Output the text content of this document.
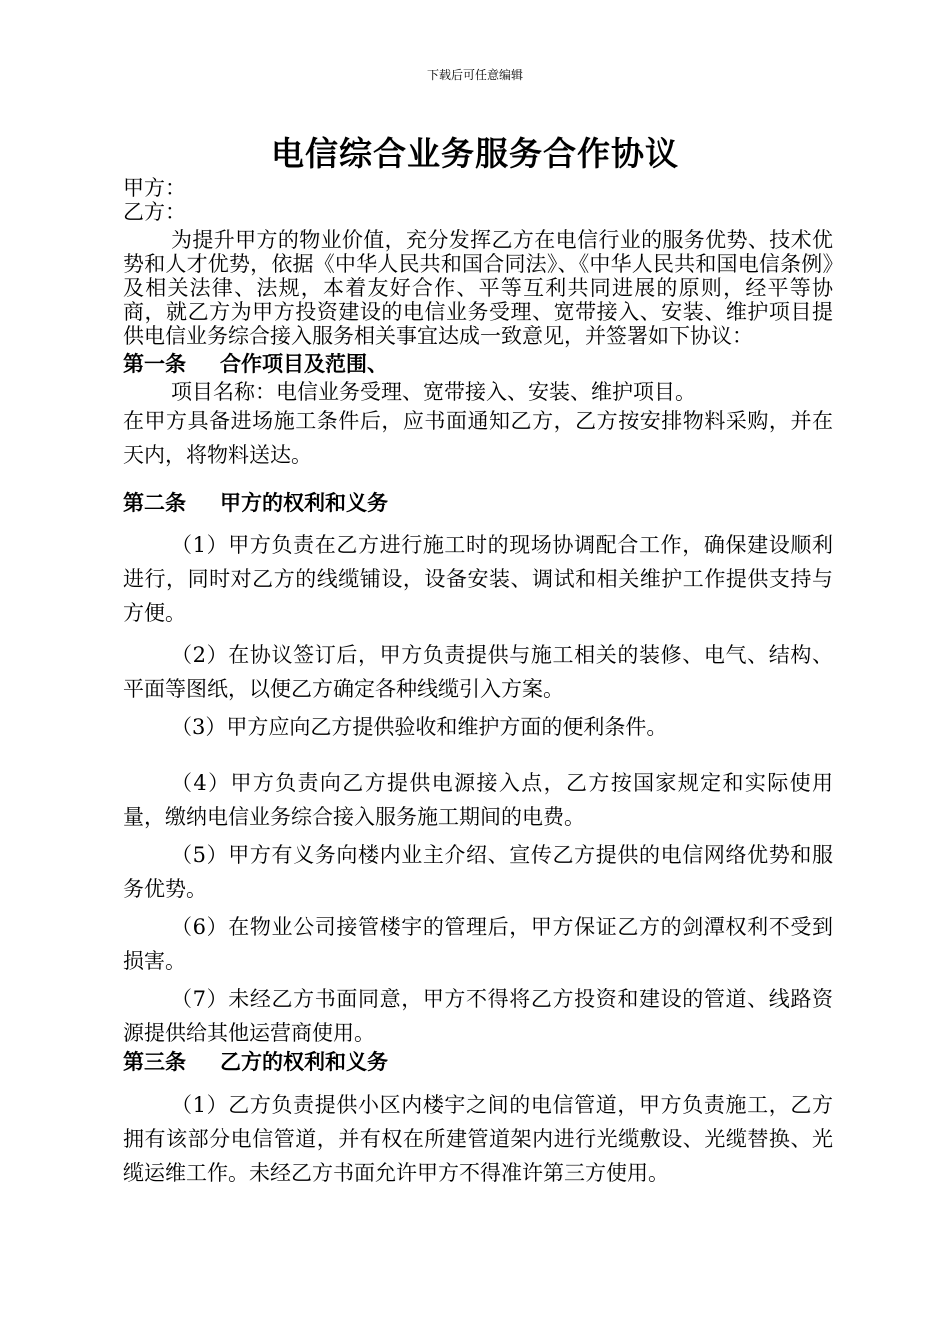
下载后可任意编辑
电信综合业务服务合作协议

甲方：

乙方：

为提升甲方的物业价值，充分发挥乙方在电信行业的服务优势、技术优势和人才优势，依据《中华人民共和国合同法》、《中华人民共和国电信条例》及相关法律、法规，本着友好合作、平等互利共同进展的原则，经平等协商，就乙方为甲方投资建设的电信业务受理、宽带接入、安装、维护项目提供电信业务综合接入服务相关事宜达成一致意见，并签署如下协议：

第一条 合作项目及范围、

项目名称：电信业务受理、宽带接入、安装、维护项目。

在甲方具备进场施工条件后，应书面通知乙方，乙方按安排物料采购，并在　天内，将物料送达。

第二条 甲方的权利和义务

（1）甲方负责在乙方进行施工时的现场协调配合工作，确保建设顺利进行，同时对乙方的线缆铺设，设备安装、调试和相关维护工作提供支持与方便。

（2）在协议签订后，甲方负责提供与施工相关的装修、电气、结构、平面等图纸，以便乙方确定各种线缆引入方案。

（3）甲方应向乙方提供验收和维护方面的便利条件。

（4）甲方负责向乙方提供电源接入点，乙方按国家规定和实际使用量，缴纳电信业务综合接入服务施工期间的电费。

（5）甲方有义务向楼内业主介绍、宣传乙方提供的电信网络优势和服务优势。

（6）在物业公司接管楼宇的管理后，甲方保证乙方的剑潭权利不受到损害。

（7）未经乙方书面同意，甲方不得将乙方投资和建设的管道、线路资源提供给其他运营商使用。

第三条 乙方的权利和义务

（1）乙方负责提供小区内楼宇之间的电信管道，甲方负责施工，乙方拥有该部分电信管道，并有权在所建管道架内进行光缆敷设、光缆替换、光缆运维工作。未经乙方书面允许甲方不得准许第三方使用。
